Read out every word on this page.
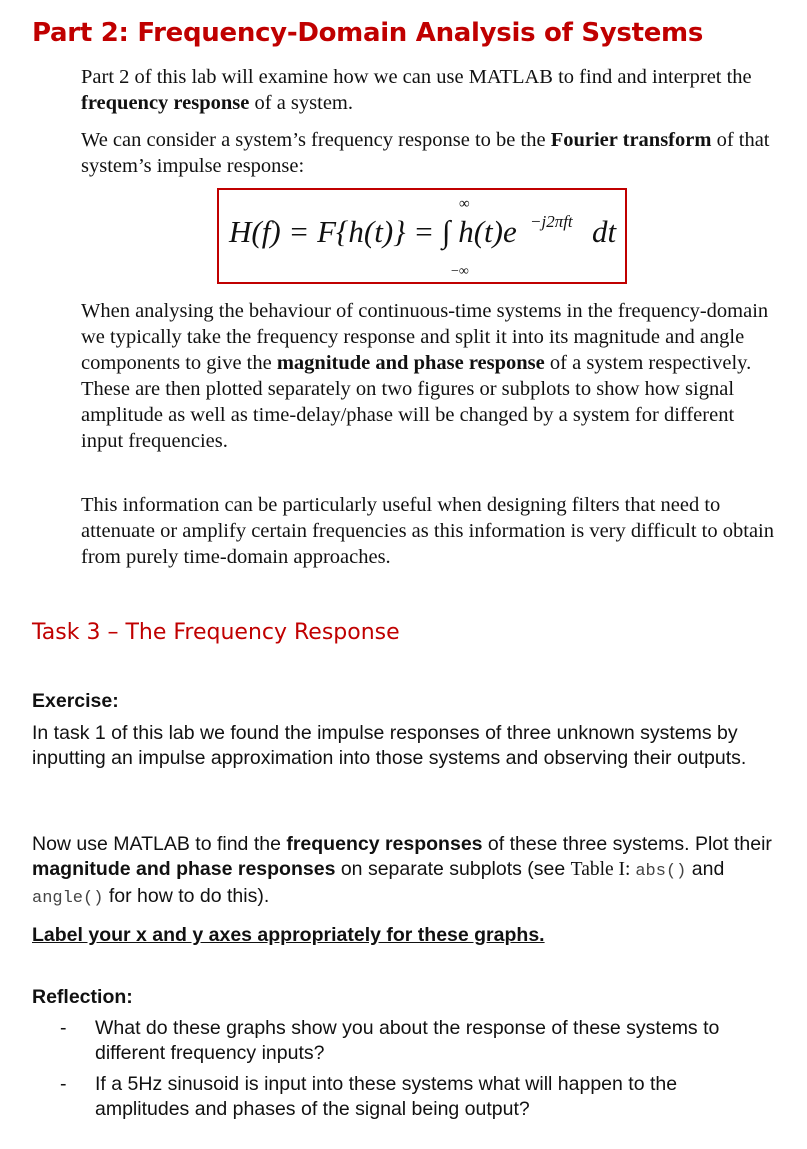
Part 2: Frequency-Domain Analysis of Systems

Part 2 of this lab will examine how we can use MATLAB to find and interpret the frequency response of a system.

We can consider a system’s frequency response to be the Fourier transform of that system’s impulse response:

∞
H(f) = F{h(t)} = ∫ h(t)e −j2πft dt
−∞

When analysing the behaviour of continuous-time systems in the frequency-domain we typically take the frequency response and split it into its magnitude and angle components to give the magnitude and phase response of a system respectively. These are then plotted separately on two figures or subplots to show how signal amplitude as well as time-delay/phase will be changed by a system for different input frequencies.

This information can be particularly useful when designing filters that need to attenuate or amplify certain frequencies as this information is very difficult to obtain from purely time-domain approaches.

Task 3 – The Frequency Response

Exercise:

In task 1 of this lab we found the impulse responses of three unknown systems by inputting an impulse approximation into those systems and observing their outputs.

Now use MATLAB to find the frequency responses of these three systems. Plot their magnitude and phase responses on separate subplots (see Table I: abs() and angle() for how to do this).

Label your x and y axes appropriately for these graphs.

Reflection:

- What do these graphs show you about the response of these systems to different frequency inputs?

- If a 5Hz sinusoid is input into these systems what will happen to the amplitudes and phases of the signal being output?
